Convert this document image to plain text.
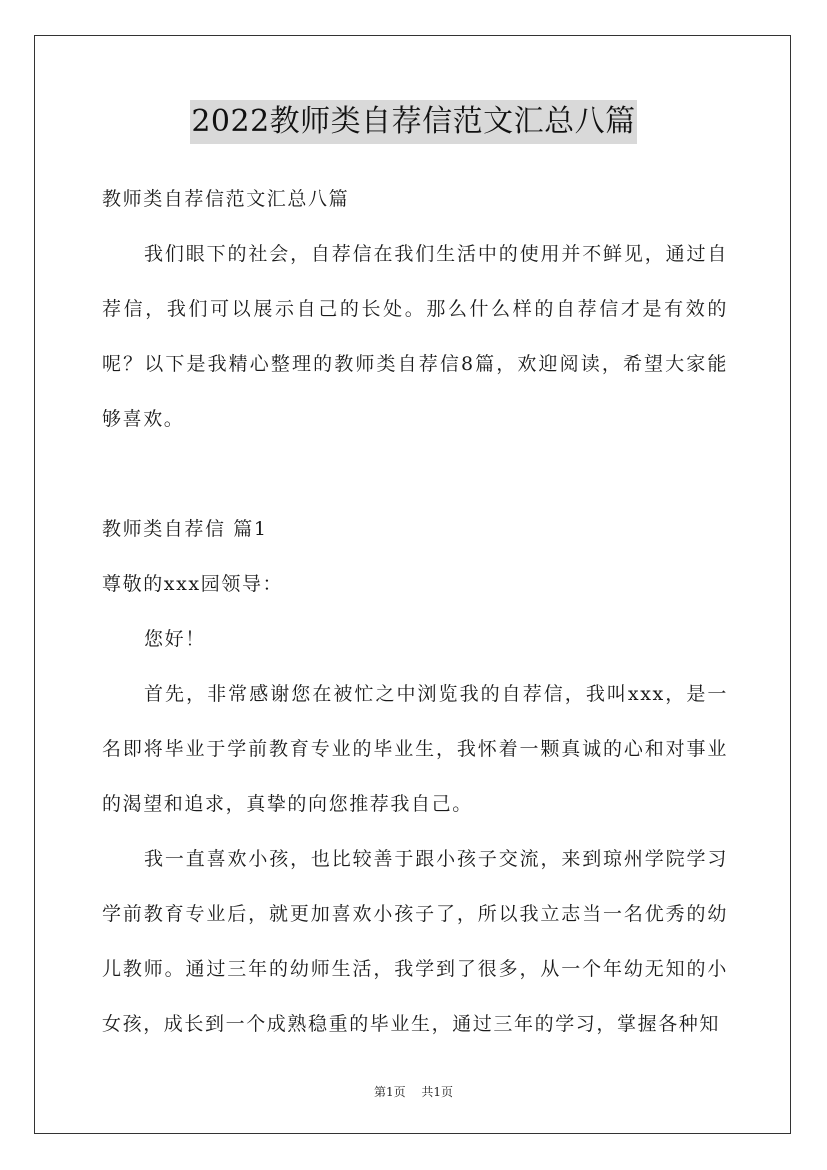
2022教师类自荐信范文汇总八篇

教师类自荐信范文汇总八篇

我们眼下的社会，自荐信在我们生活中的使用并不鲜见，通过自荐信，我们可以展示自己的长处。那么什么样的自荐信才是有效的呢？以下是我精心整理的教师类自荐信8篇，欢迎阅读，希望大家能够喜欢。

教师类自荐信 篇1

尊敬的xxx园领导：

您好！

首先，非常感谢您在被忙之中浏览我的自荐信，我叫xxx，是一名即将毕业于学前教育专业的毕业生，我怀着一颗真诚的心和对事业的渴望和追求，真挚的向您推荐我自己。

我一直喜欢小孩，也比较善于跟小孩子交流，来到琼州学院学习学前教育专业后，就更加喜欢小孩子了，所以我立志当一名优秀的幼儿教师。通过三年的幼师生活，我学到了很多，从一个年幼无知的小女孩，成长到一个成熟稳重的毕业生，通过三年的学习，掌握各种知

第1页 共1页
